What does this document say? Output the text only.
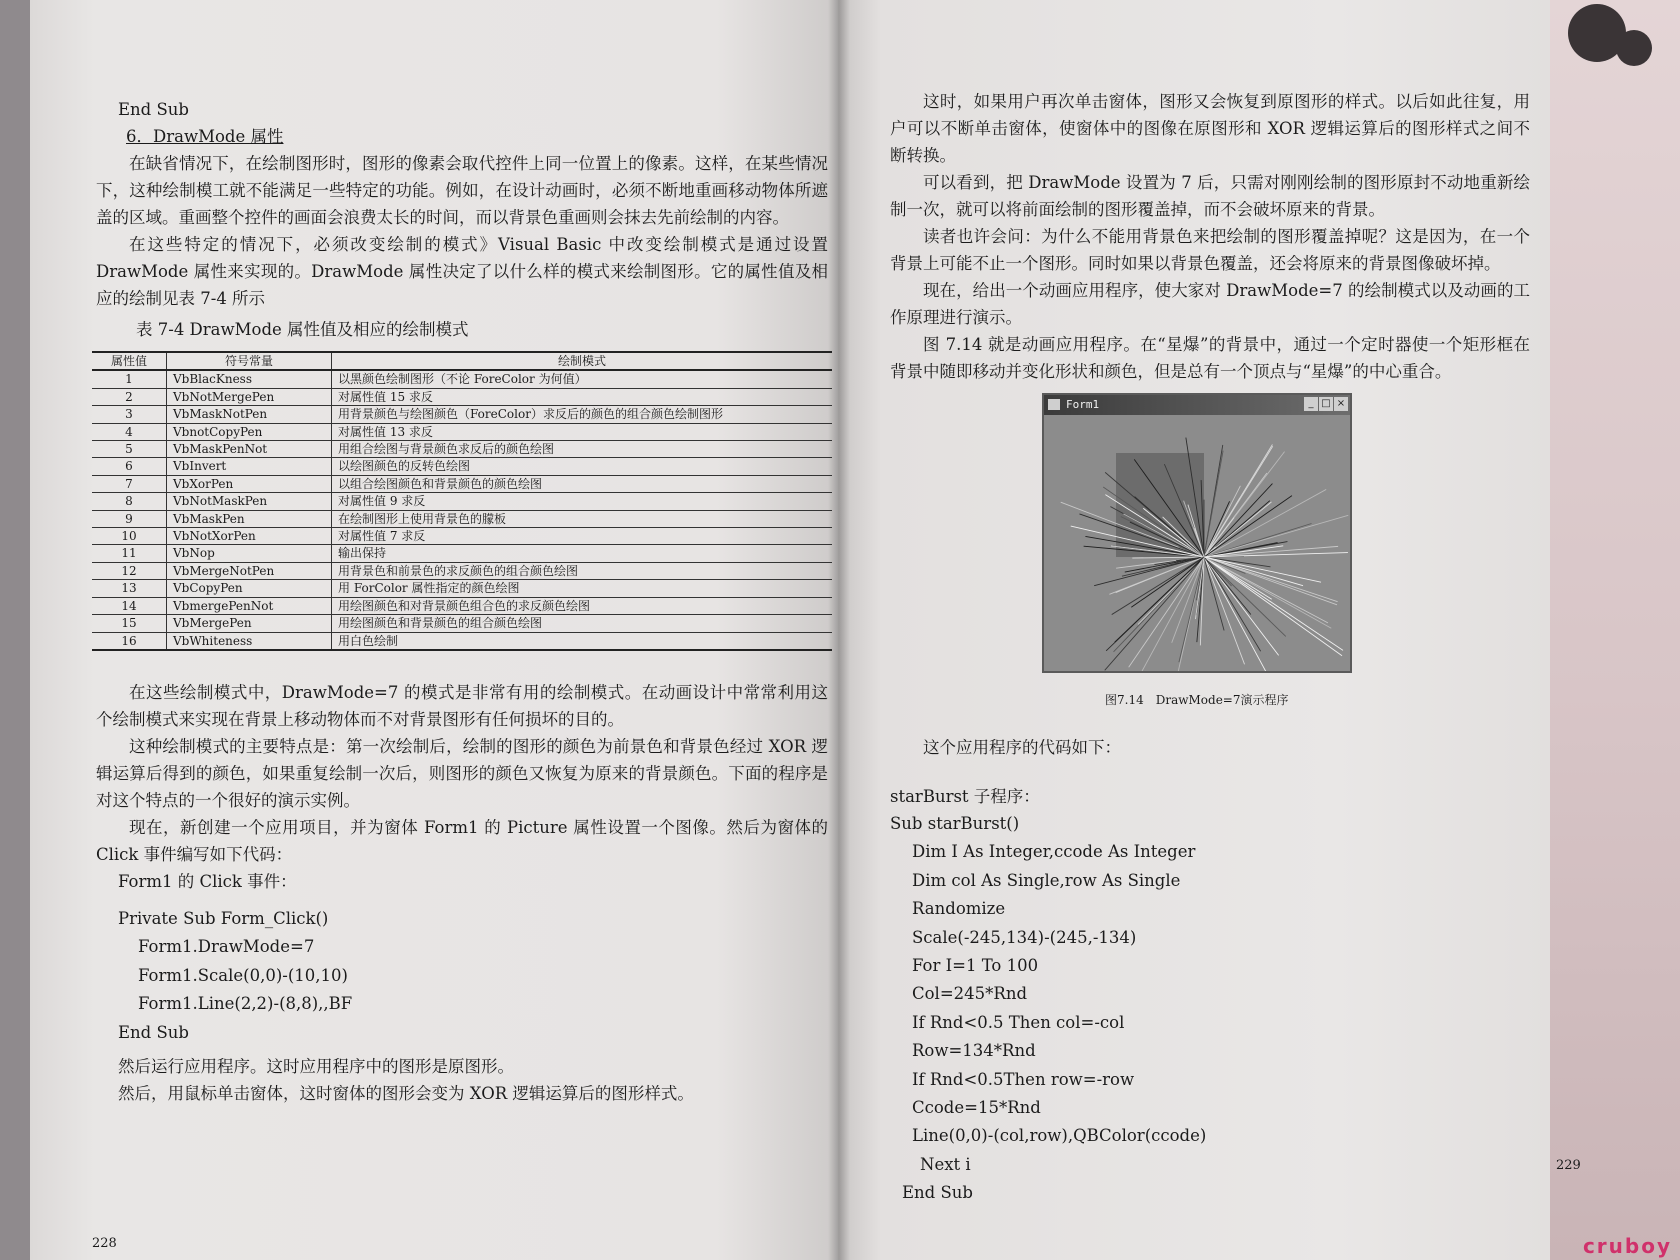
End Sub

6．DrawMode 属性

在缺省情况下，在绘制图形时，图形的像素会取代控件上同一位置上的像素。这样，在某些情况下，这种绘制模工就不能满足一些特定的功能。例如，在设计动画时，必须不断地重画移动物体所遮盖的区域。重画整个控件的画面会浪费太长的时间，而以背景色重画则会抹去先前绘制的内容。

在这些特定的情况下，必须改变绘制的模式》Visual Basic 中改变绘制模式是通过设置 DrawMode 属性来实现的。DrawMode 属性决定了以什么样的模式来绘制图形。它的属性值及相应的绘制见表 7-4 所示

表 7-4 DrawMode 属性值及相应的绘制模式

属性值	符号常量	绘制模式
1	VbBlacKness	以黑颜色绘制图形（不论 ForeColor 为何值）
2	VbNotMergePen	对属性值 15 求反
3	VbMaskNotPen	用背景颜色与绘图颜色（ForeColor）求反后的颜色的组合颜色绘制图形
4	VbnotCopyPen	对属性值 13 求反
5	VbMaskPenNot	用组合绘图与背景颜色求反后的颜色绘图
6	VbInvert	以绘图颜色的反转色绘图
7	VbXorPen	以组合绘图颜色和背景颜色的颜色绘图
8	VbNotMaskPen	对属性值 9 求反
9	VbMaskPen	在绘制图形上使用背景色的朦板
10	VbNotXorPen	对属性值 7 求反
11	VbNop	输出保持
12	VbMergeNotPen	用背景色和前景色的求反颜色的组合颜色绘图
13	VbCopyPen	用 ForColor 属性指定的颜色绘图
14	VbmergePenNot	用绘图颜色和对背景颜色组合色的求反颜色绘图
15	VbMergePen	用绘图颜色和背景颜色的组合颜色绘图
16	VbWhiteness	用白色绘制

在这些绘制模式中，DrawMode=7 的模式是非常有用的绘制模式。在动画设计中常常利用这个绘制模式来实现在背景上移动物体而不对背景图形有任何损坏的目的。

这种绘制模式的主要特点是：第一次绘制后，绘制的图形的颜色为前景色和背景色经过 XOR 逻辑运算后得到的颜色，如果重复绘制一次后，则图形的颜色又恢复为原来的背景颜色。下面的程序是对这个特点的一个很好的演示实例。

现在，新创建一个应用项目，并为窗体 Form1 的 Picture 属性设置一个图像。然后为窗体的 Click 事件编写如下代码：

Form1 的 Click 事件：

Private Sub Form_Click()

Form1.DrawMode=7

Form1.Scale(0,0)-(10,10)

Form1.Line(2,2)-(8,8),,BF

End Sub

然后运行应用程序。这时应用程序中的图形是原图形。

然后，用鼠标单击窗体，这时窗体的图形会变为 XOR 逻辑运算后的图形样式。

228

这时，如果用户再次单击窗体，图形又会恢复到原图形的样式。以后如此往复，用户可以不断单击窗体，使窗体中的图像在原图形和 XOR 逻辑运算后的图形样式之间不断转换。

可以看到，把 DrawMode 设置为 7 后，只需对刚刚绘制的图形原封不动地重新绘制一次，就可以将前面绘制的图形覆盖掉，而不会破坏原来的背景。

读者也许会问：为什么不能用背景色来把绘制的图形覆盖掉呢？这是因为，在一个背景上可能不止一个图形。同时如果以背景色覆盖，还会将原来的背景图像破坏掉。

现在，给出一个动画应用程序，使大家对 DrawMode=7 的绘制模式以及动画的工作原理进行演示。

图 7.14 就是动画应用程序。在“星爆”的背景中，通过一个定时器使一个矩形框在背景中随即移动并变化形状和颜色，但是总有一个顶点与“星爆”的中心重合。

Form1	_ □ ×

图7.14　DrawMode=7演示程序

这个应用程序的代码如下：

starBurst 子程序：

Sub starBurst()

Dim I As Integer,ccode As Integer

Dim col As Single,row As Single

Randomize

Scale(-245,134)-(245,-134)

For I=1 To 100

Col=245*Rnd

If Rnd<0.5 Then col=-col

Row=134*Rnd

If Rnd<0.5Then row=-row

Ccode=15*Rnd

Line(0,0)-(col,row),QBColor(ccode)

Next i

End Sub

229
cruboy
